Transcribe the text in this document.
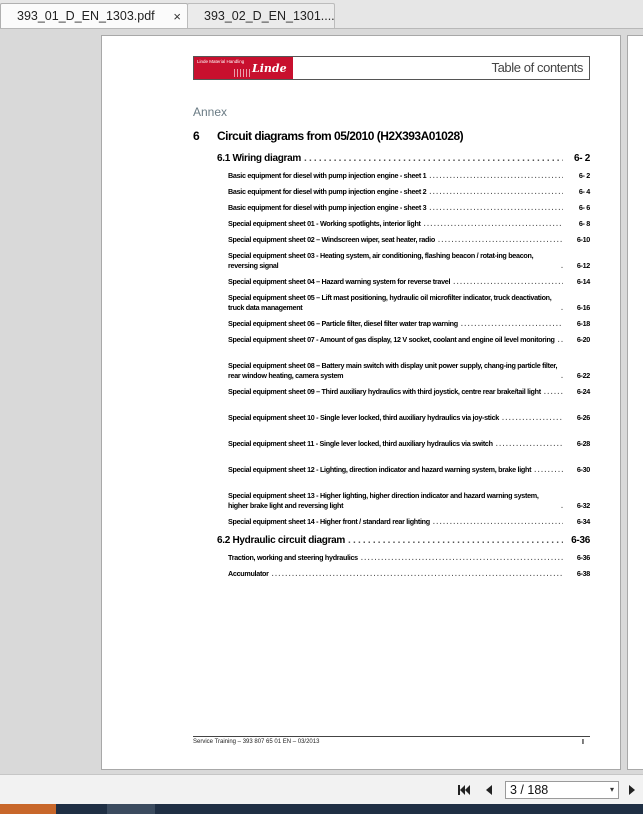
393_01_D_EN_1303.pdf ×	393_02_D_EN_1301....
Linde Material Handling
Linde	Table of contents
Annex
6 Circuit diagrams from 05/2010 (H2X393A01028)
6.1 Wiring diagram . . .	6- 2
Basic equipment for diesel with pump injection engine - sheet 1 . . .	6- 2
Basic equipment for diesel with pump injection engine - sheet 2 . . .	6- 4
Basic equipment for diesel with pump injection engine - sheet 3 . . .	6- 6
Special equipment sheet 01 - Working spotlights, interior light . . .	6- 8
Special equipment sheet 02 – Windscreen wiper, seat heater, radio . . .	6-10
Special equipment sheet 03 - Heating system, air conditioning, flashing beacon / rotat-ing beacon, reversing signal . . .	6-12
Special equipment sheet 04 – Hazard warning system for reverse travel . . .	6-14
Special equipment sheet 05 – Lift mast positioning, hydraulic oil microfilter indicator, truck deactivation, truck data management . . .	6-16
Special equipment sheet 06 – Particle filter, diesel filter water trap warning . . .	6-18
Special equipment sheet 07 - Amount of gas display, 12 V socket, coolant and engine oil level monitoring . . .	6-20
Special equipment sheet 08 – Battery main switch with display unit power supply, chang-ing particle filter, rear window heating, camera system . . .	6-22
Special equipment sheet 09 – Third auxiliary hydraulics with third joystick, centre rear brake/tail light . . .	6-24
Special equipment sheet 10 - Single lever locked, third auxiliary hydraulics via joy-stick . . .	6-26
Special equipment sheet 11 - Single lever locked, third auxiliary hydraulics via switch . . .	6-28
Special equipment sheet 12 - Lighting, direction indicator and hazard warning system, brake light . . .	6-30
Special equipment sheet 13 - Higher lighting, higher direction indicator and hazard warning system, higher brake light and reversing light . . .	6-32
Special equipment sheet 14 - Higher front / standard rear lighting . . .	6-34
6.2 Hydraulic circuit diagram . . .	6-36
Traction, working and steering hydraulics . . .	6-36
Accumulator . . .	6-38
Service Training – 393 807 65 01 EN – 03/2013	I
3 / 188	▾
